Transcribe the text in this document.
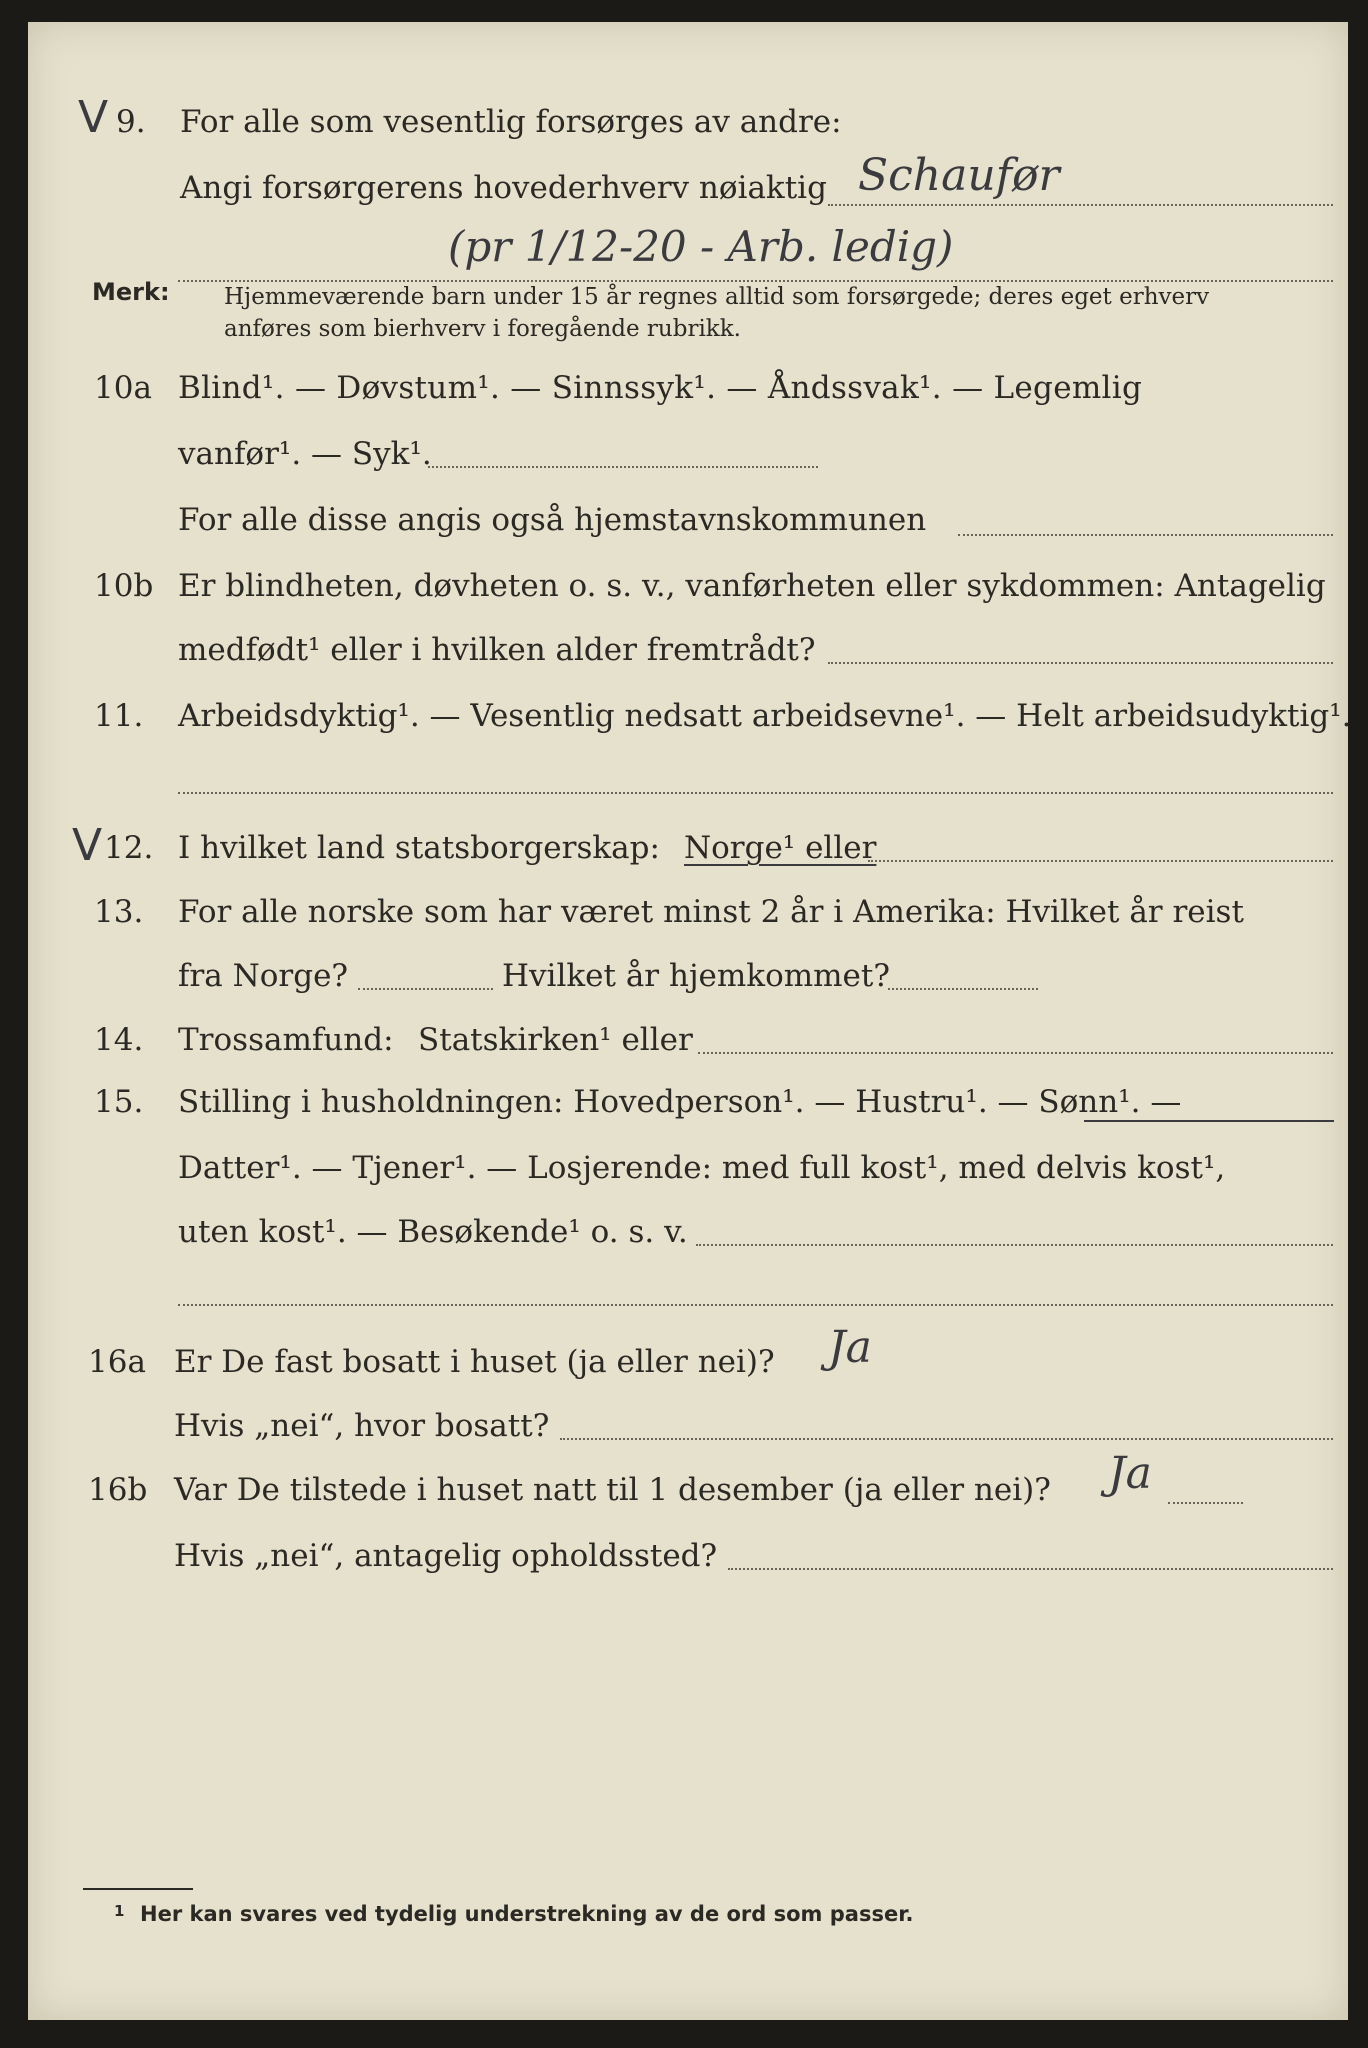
V 9. For alle som vesentlig forsørges av andre:
Angi forsørgerens hovederhverv nøiaktig Schaufør
(pr 1/12-20 - Arb. ledig)
Merk: Hjemmeværende barn under 15 år regnes alltid som forsørgede; deres eget erhverv
anføres som bierhverv i foregående rubrikk.
10a Blind¹. — Døvstum¹. — Sinnssyk¹. — Åndssvak¹. — Legemlig
vanfør¹. — Syk¹.
For alle disse angis også hjemstavnskommunen
10b Er blindheten, døvheten o. s. v., vanførheten eller sykdommen: Antagelig
medfødt¹ eller i hvilken alder fremtrådt?
11. Arbeidsdyktig¹. — Vesentlig nedsatt arbeidsevne¹. — Helt arbeidsudyktig¹.
V 12. I hvilket land statsborgerskap: Norge¹ eller
13. For alle norske som har været minst 2 år i Amerika: Hvilket år reist
fra Norge?	Hvilket år hjemkommet?
14. Trossamfund: Statskirken¹ eller
15. Stilling i husholdningen: Hovedperson¹. — Hustru¹. — Sønn¹. —
Datter¹. — Tjener¹. — Losjerende: med full kost¹, med delvis kost¹,
uten kost¹. — Besøkende¹ o. s. v.
16a Er De fast bosatt i huset (ja eller nei)? Ja
Hvis „nei“, hvor bosatt?
16b Var De tilstede i huset natt til 1 desember (ja eller nei)? Ja
Hvis „nei“, antagelig opholdssted?
1 Her kan svares ved tydelig understrekning av de ord som passer.
